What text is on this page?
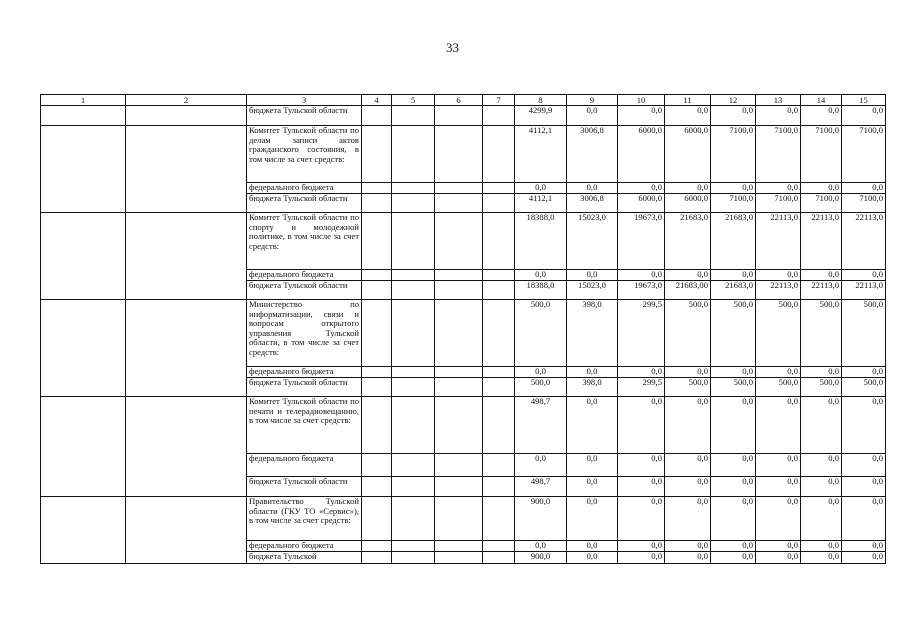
33
1	2	3	4	5	6	7	8	9	10	11	12	13	14	15
		бюджета Тульской области					4299,9	0,0	0,0	0,0	0,0	0,0	0,0	0,0
		Комитет Тульской области по делам записи актов гражданского состояния, в том числе за счет средств:					4112,1	3006,8	6000,0	6000,0	7100,0	7100,0	7100,0	7100,0
		федерального бюджета					0,0	0,0	0,0	0,0	0,0	0,0	0,0	0,0
		бюджета Тульской области					4112,1	3006,8	6000,0	6000,0	7100,0	7100,0	7100,0	7100,0
		Комитет Тульской области по спорту и молодежной политике, в том числе за счет средств:					18388,0	15023,0	19673,0	21683,0	21683,0	22113,0	22113,0	22113,0
		федерального бюджета					0,0	0,0	0,0	0,0	0,0	0,0	0,0	0,0
		бюджета Тульской области					18388,0	15023,0	19673,0	21683,00	21683,0	22113,0	22113,0	22113,0
		Министерство по информатизации, связи и вопросам открытого управления Тульской области, в том числе за счет средств:					500,0	398,0	299,5	500,0	500,0	500,0	500,0	500,0
		федерального бюджета					0,0	0,0	0,0	0,0	0,0	0,0	0,0	0,0
		бюджета Тульской области					500,0	398,0	299,5	500,0	500,0	500,0	500,0	500,0
		Комитет Тульской области по печати и телерадиовещанию, в том числе за счет средств:					498,7	0,0	0,0	0,0	0,0	0,0	0,0	0,0
		федерального бюджета					0,0	0,0	0,0	0,0	0,0	0,0	0,0	0,0
		бюджета Тульской области					498,7	0,0	0,0	0,0	0,0	0,0	0,0	0,0
		Правительство Тульской области (ГКУ ТО «Сервис»), в том числе за счет средств:					900,0	0,0	0,0	0,0	0,0	0,0	0,0	0,0
		федерального бюджета					0,0	0,0	0,0	0,0	0,0	0,0	0,0	0,0
		бюджета Тульской					900,0	0,0	0,0	0,0	0,0	0,0	0,0	0,0
